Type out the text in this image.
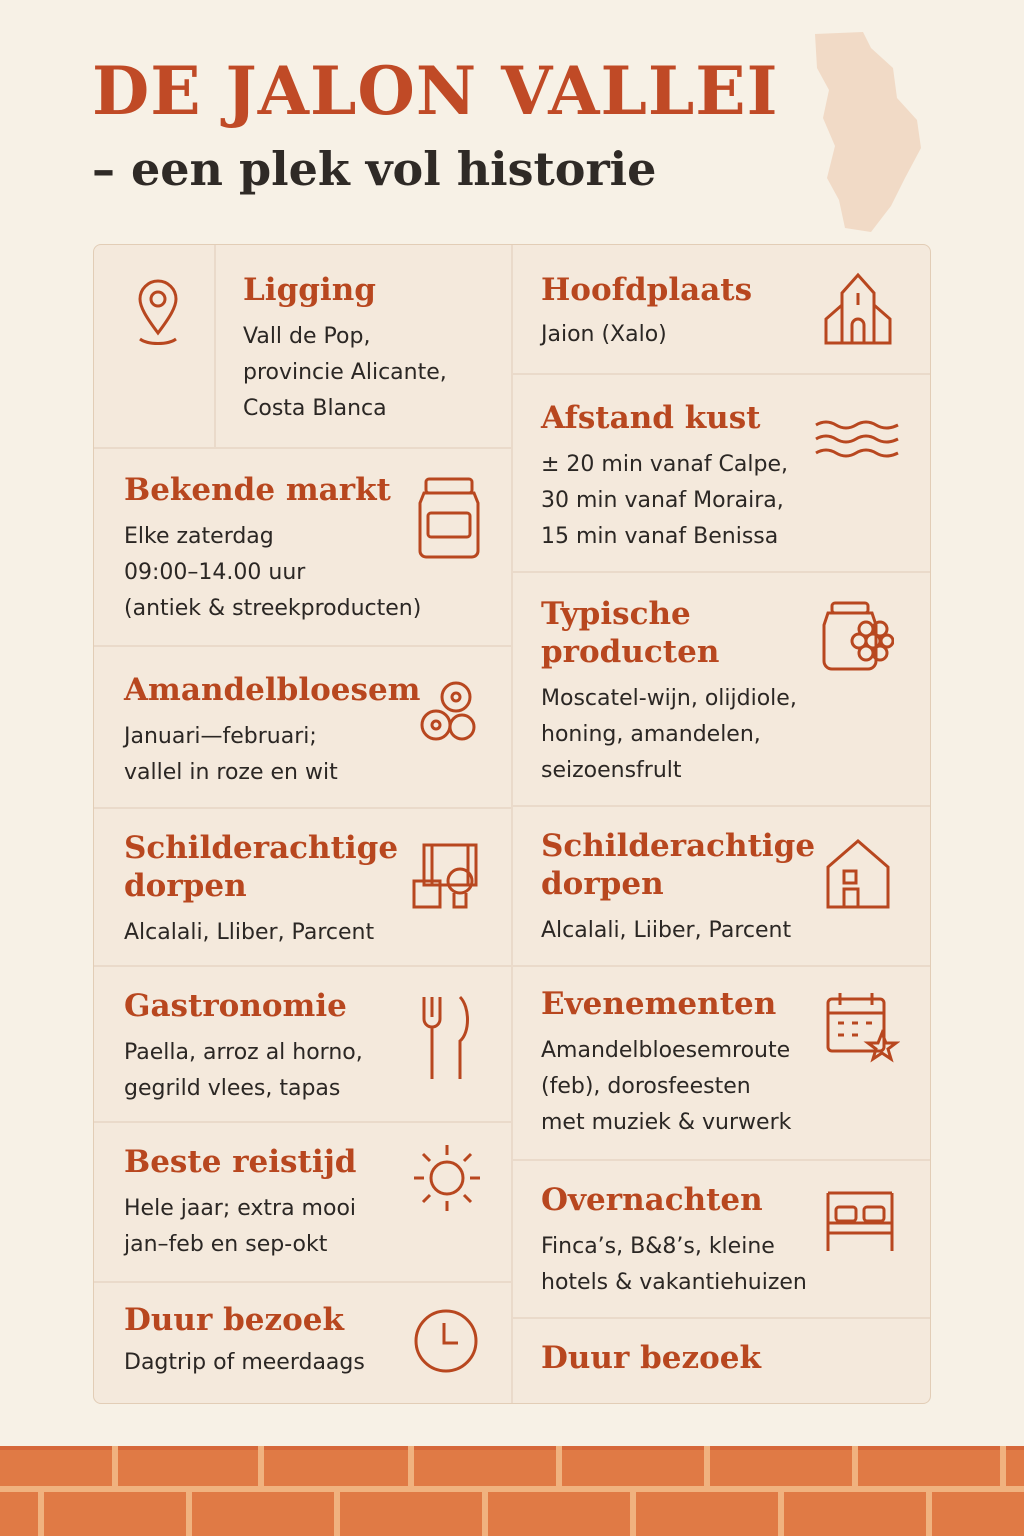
DE JALON VALLEI
– een plek vol historie
Ligging

Vall de Pop,
provincie Alicante,
Costa Blanca

Bekende markt

Elke zaterdag
09:00–14.00 uur
(antiek & streekproducten)

Amandelbloesem

Januari—februari;
vallel in roze en wit

Schilderachtige dorpen

Alcalali, Lliber, Parcent

Gastronomie

Paella, arroz al horno,
gegrild vlees, tapas

Beste reistijd

Hele jaar; extra mooi
jan–feb en sep-okt

Duur bezoek

Dagtrip of meerdaags

Hoofdplaats

Jaion (Xalo)

Afstand kust

± 20 min vanaf Calpe,
30 min vanaf Moraira,
15 min vanaf Benissa

Typische producten

Moscatel-wijn, olijdiole,
honing, amandelen,
seizoensfrult

Schilderachtige dorpen

Alcalali, Liiber, Parcent

Evenementen

Amandelbloesemroute
(feb), dorosfeesten
met muziek & vurwerk

Overnachten

Finca’s, B&8’s, kleine
hotels & vakantiehuizen

Duur bezoek
